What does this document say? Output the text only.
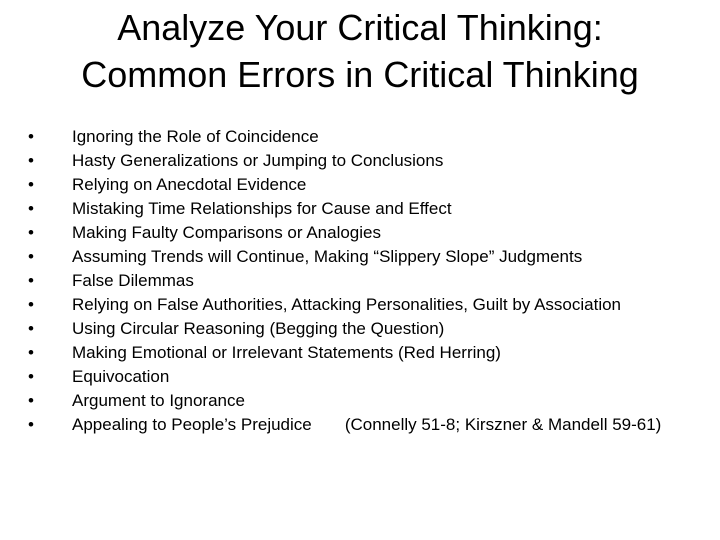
Analyze Your Critical Thinking:
Common Errors in Critical Thinking
•	Ignoring the Role of Coincidence
•	Hasty Generalizations or Jumping to Conclusions
•	Relying on Anecdotal Evidence
•	Mistaking Time Relationships for Cause and Effect
•	Making Faulty Comparisons or Analogies
•	Assuming Trends will Continue, Making “Slippery Slope” Judgments
•	False Dilemmas
•	Relying on False Authorities, Attacking Personalities, Guilt by Association
•	Using Circular Reasoning (Begging the Question)
•	Making Emotional or Irrelevant Statements (Red Herring)
•	Equivocation
•	Argument to Ignorance
•	Appealing to People’s Prejudice (Connelly 51-8; Kirszner & Mandell 59-61)
